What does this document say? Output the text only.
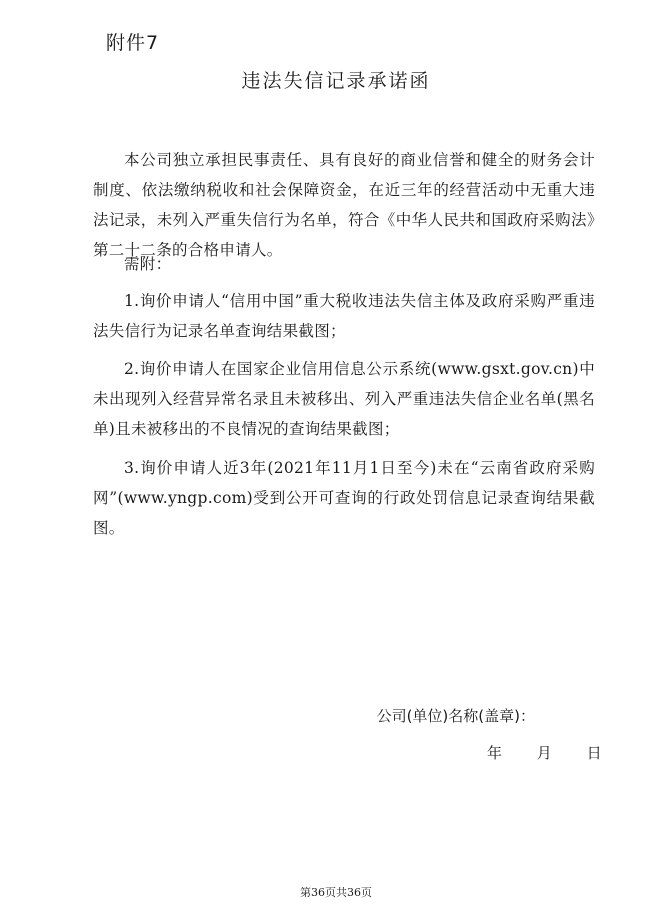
附件7
违法失信记录承诺函

本公司独立承担民事责任、具有良好的商业信誉和健全的财务会计制度、依法缴纳税收和社会保障资金，在近三年的经营活动中无重大违法记录，未列入严重失信行为名单，符合《中华人民共和国政府采购法》第二十二条的合格申请人。

需附：

1.询价申请人“信用中国”重大税收违法失信主体及政府采购严重违法失信行为记录名单查询结果截图；

2.询价申请人在国家企业信用信息公示系统(www.gsxt.gov.cn)中未出现列入经营异常名录且未被移出、列入严重违法失信企业名单(黑名单)且未被移出的不良情况的查询结果截图；

3.询价申请人近3年(2021年11月1日至今)未在“云南省政府采购网”(www.yngp.com)受到公开可查询的行政处罚信息记录查询结果截图。

公司(单位)名称(盖章)：
年 月 日
第36页共36页
